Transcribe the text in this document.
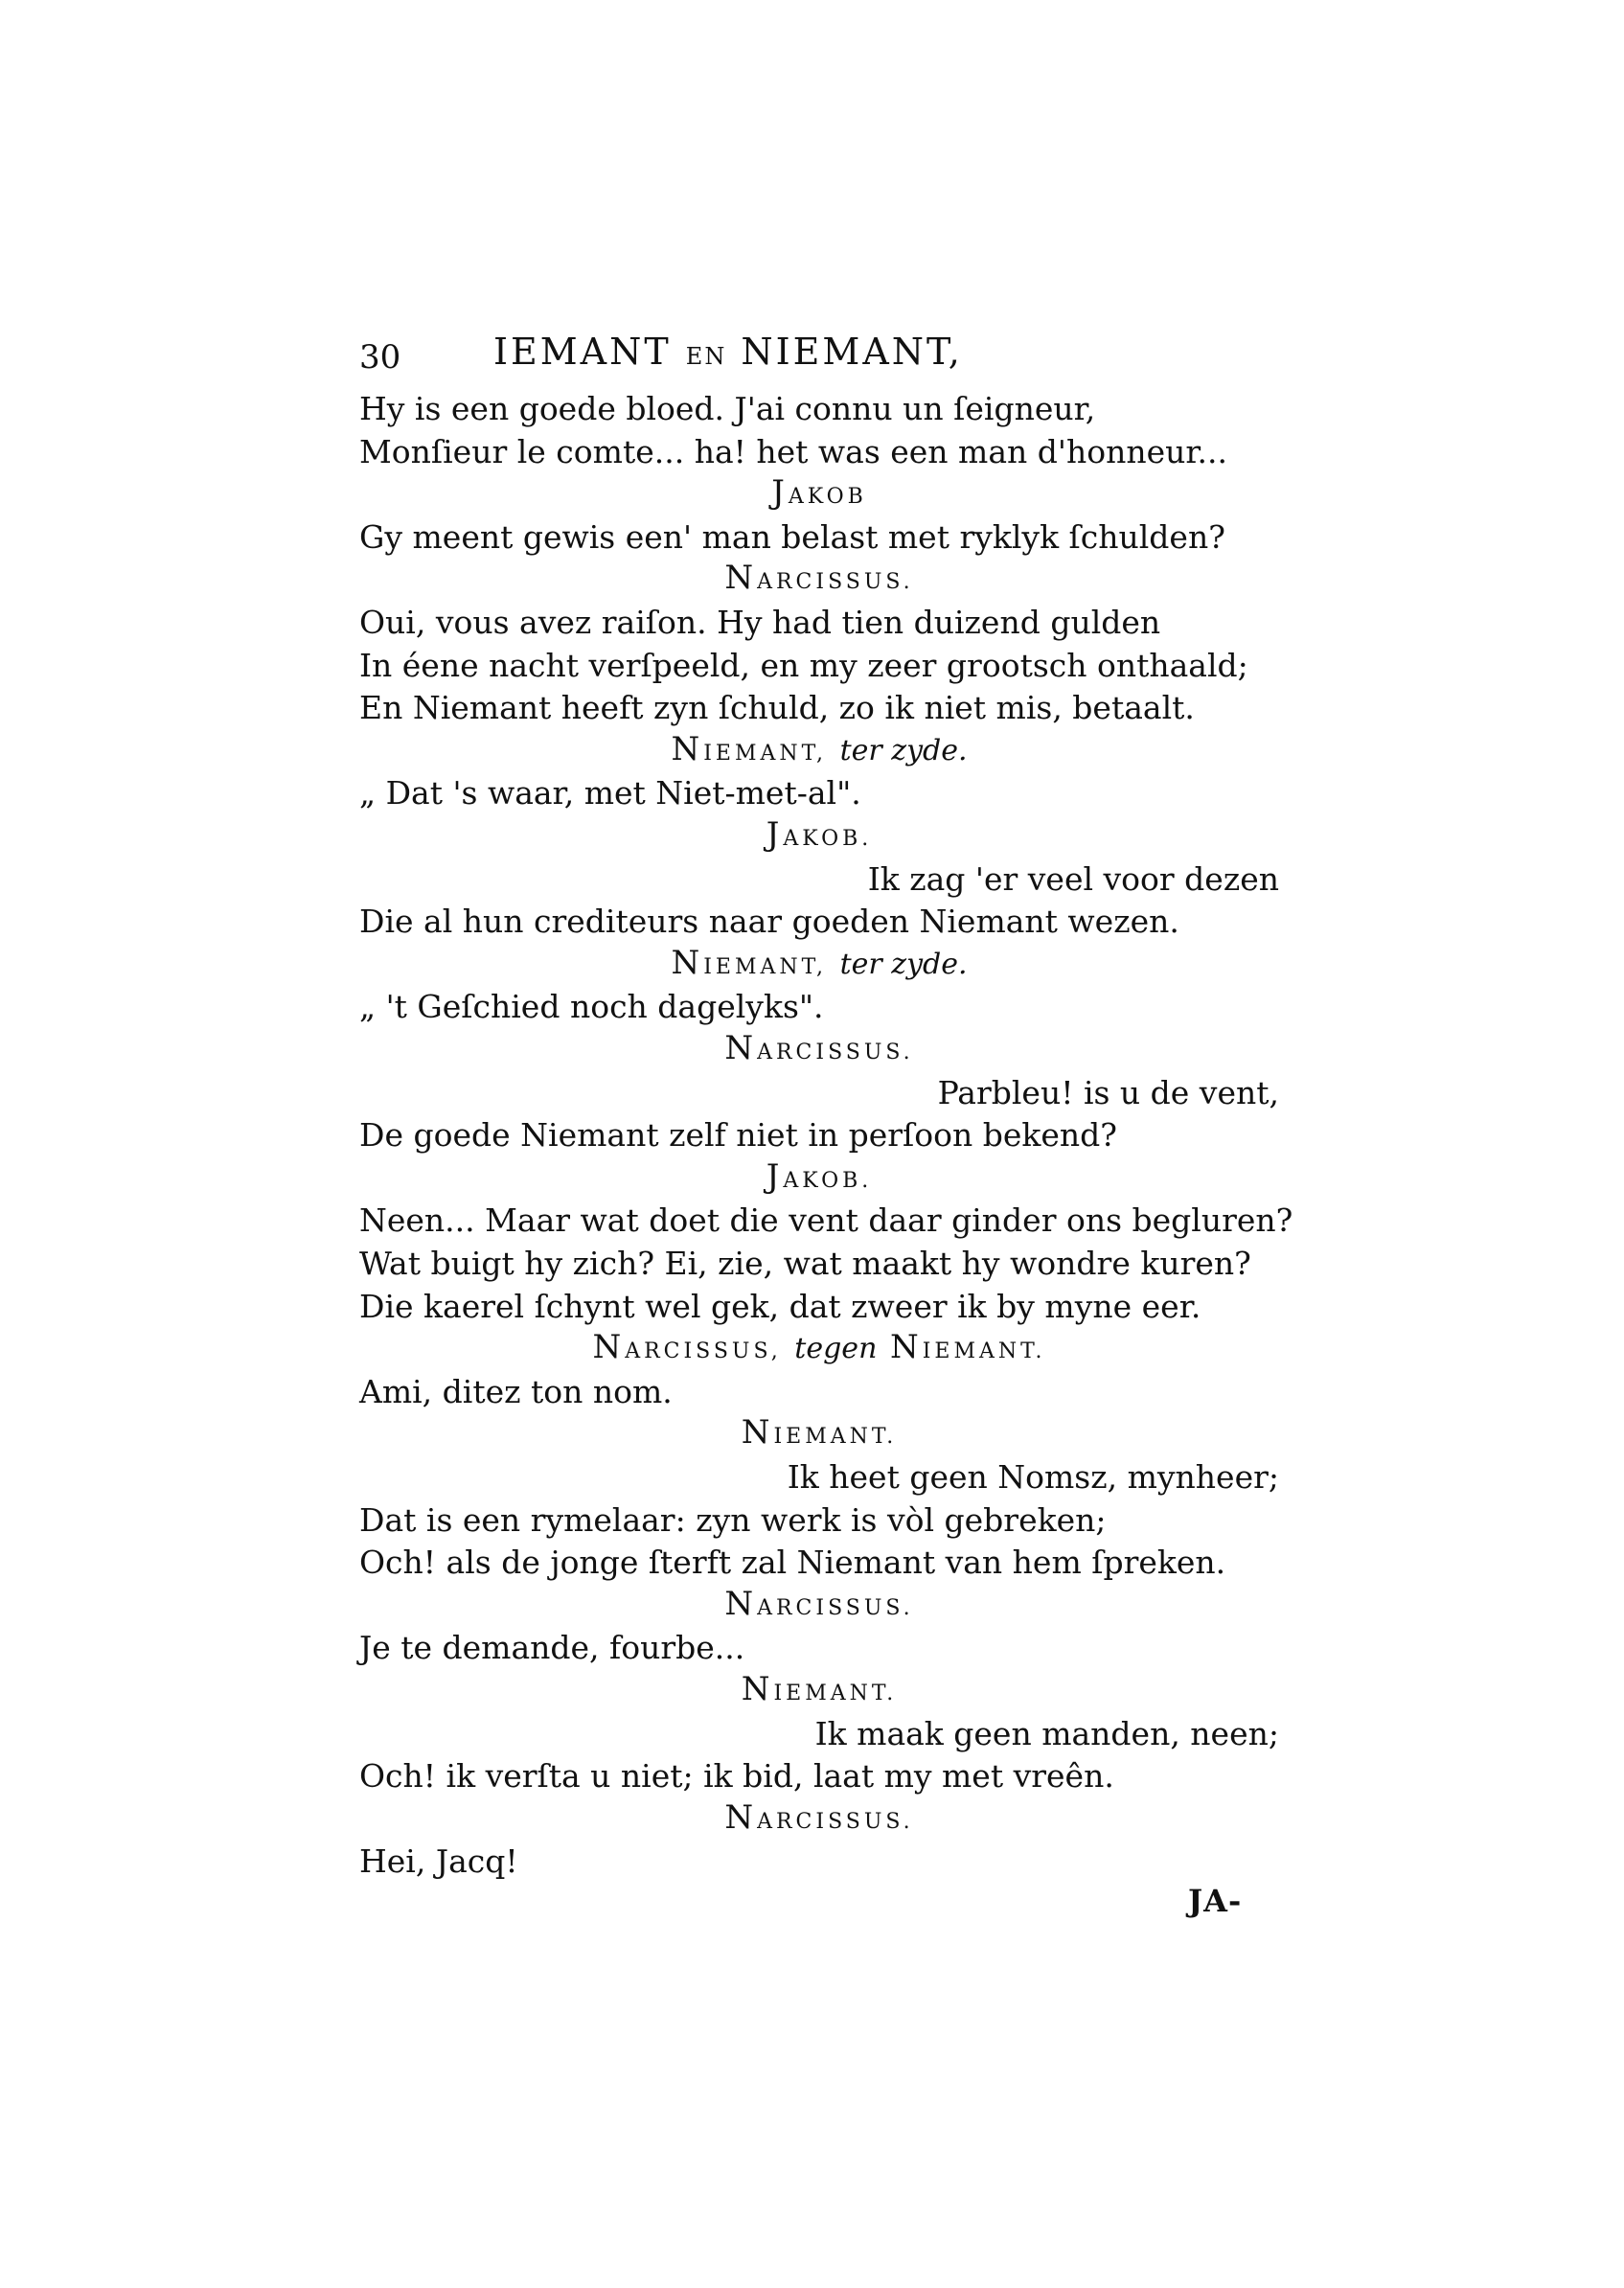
30	IEMANT EN NIEMANT,
Hy is een goede bloed. J'ai connu un ſeigneur,
Monſieur le comte... ha! het was een man d'honneur...
JAKOB
Gy meent gewis een' man belast met ryklyk ſchulden?
NARCISSUS.
Oui, vous avez raiſon. Hy had tien duizend gulden
In éene nacht verſpeeld, en my zeer grootsch onthaald;
En Niemant heeft zyn ſchuld, zo ik niet mis, betaalt.
NIEMANT, ter zyde.
„ Dat 's waar, met Niet-met-al".
JAKOB.
Ik zag 'er veel voor dezen
Die al hun crediteurs naar goeden Niemant wezen.
NIEMANT, ter zyde.
„ 't Geſchied noch dagelyks".
NARCISSUS.
Parbleu! is u de vent,
De goede Niemant zelf niet in perſoon bekend?
JAKOB.
Neen... Maar wat doet die vent daar ginder ons begluren?
Wat buigt hy zich? Ei, zie, wat maakt hy wondre kuren?
Die kaerel ſchynt wel gek, dat zweer ik by myne eer.
NARCISSUS, tegen NIEMANT.
Ami, ditez ton nom.
NIEMANT.
Ik heet geen Nomsz, mynheer;
Dat is een rymelaar: zyn werk is vòl gebreken;
Och! als de jonge ſterft zal Niemant van hem ſpreken.
NARCISSUS.
Je te demande, fourbe...
NIEMANT.
Ik maak geen manden, neen;
Och! ik verſta u niet; ik bid, laat my met vreên.
NARCISSUS.
Hei, Jacq!
JA-
